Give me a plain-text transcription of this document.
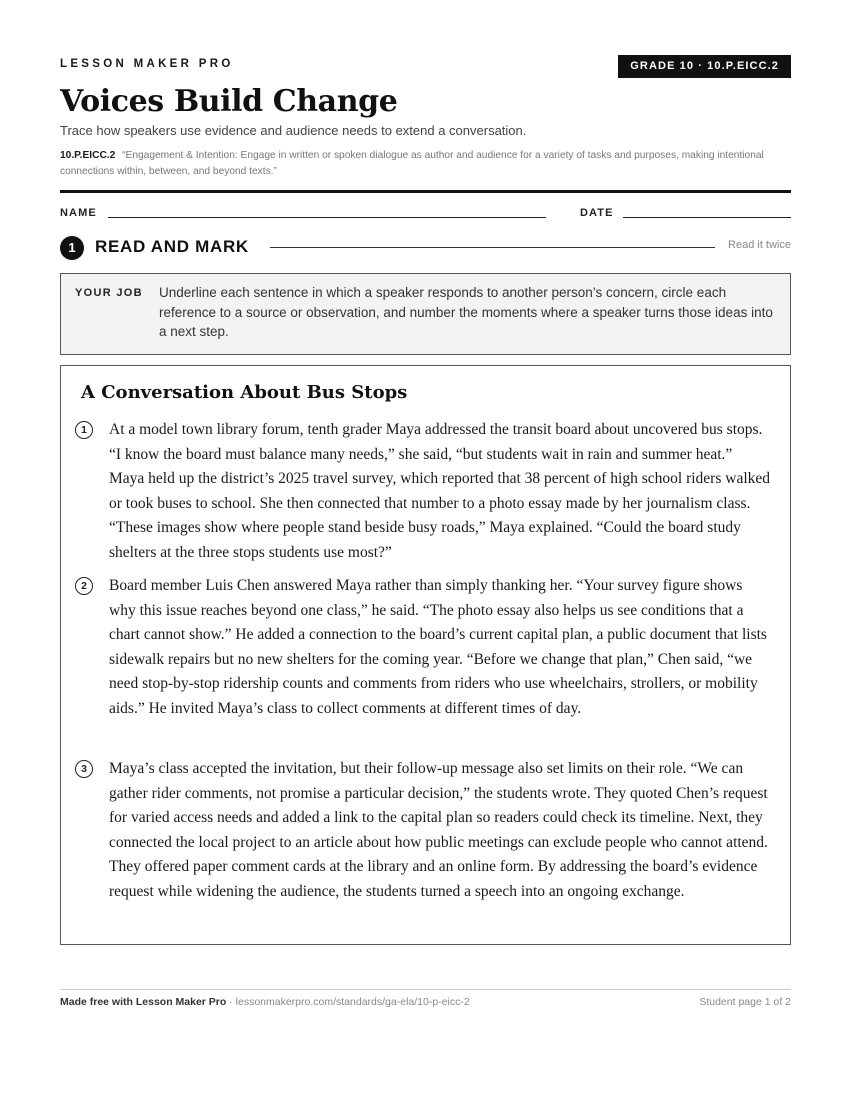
LESSON MAKER PRO	GRADE 10 · 10.P.EICC.2
Voices Build Change
Trace how speakers use evidence and audience needs to extend a conversation.
10.P.EICC.2 “Engagement & Intention: Engage in written or spoken dialogue as author and audience for a variety of tasks and purposes, making intentional connections within, between, and beyond texts.”
NAME	DATE
1	READ AND MARK	Read it twice
YOUR JOB Underline each sentence in which a speaker responds to another person’s concern, circle each reference to a source or observation, and number the moments where a speaker turns those ideas into a next step.
A Conversation About Bus Stops
1	At a model town library forum, tenth grader Maya addressed the transit board about uncovered bus stops. “I know the board must balance many needs,” she said, “but students wait in rain and summer heat.” Maya held up the district’s 2025 travel survey, which reported that 38 percent of high school riders walked or took buses to school. She then connected that number to a photo essay made by her journalism class. “These images show where people stand beside busy roads,” Maya explained. “Could the board study shelters at the three stops students use most?”
2	Board member Luis Chen answered Maya rather than simply thanking her. “Your survey figure shows why this issue reaches beyond one class,” he said. “The photo essay also helps us see conditions that a chart cannot show.” He added a connection to the board’s current capital plan, a public document that lists sidewalk repairs but no new shelters for the coming year. “Before we change that plan,” Chen said, “we need stop-by-stop ridership counts and comments from riders who use wheelchairs, strollers, or mobility aids.” He invited Maya’s class to collect comments at different times of day.
3	Maya’s class accepted the invitation, but their follow-up message also set limits on their role. “We can gather rider comments, not promise a particular decision,” the students wrote. They quoted Chen’s request for varied access needs and added a link to the capital plan so readers could check its timeline. Next, they connected the local project to an article about how public meetings can exclude people who cannot attend. They offered paper comment cards at the library and an online form. By addressing the board’s evidence request while widening the audience, the students turned a speech into an ongoing exchange.
Made free with Lesson Maker Pro · lessonmakerpro.com/standards/ga-ela/10-p-eicc-2	Student page 1 of 2
